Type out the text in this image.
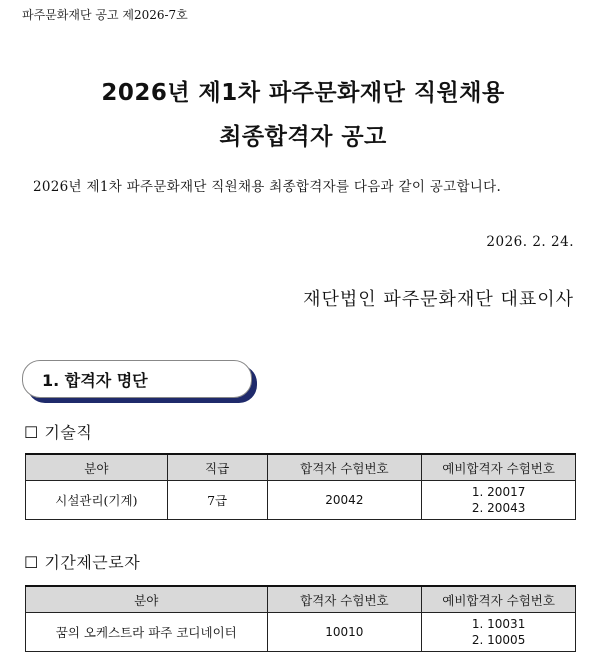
파주문화재단 공고 제2026-7호
2026년 제1차 파주문화재단 직원채용
최종합격자 공고
2026년 제1차 파주문화재단 직원채용 최종합격자를 다음과 같이 공고합니다.
2026. 2. 24.
재단법인 파주문화재단 대표이사
1. 합격자 명단
☐ 기술직
분야	직급	합격자 수험번호	예비합격자 수험번호
시설관리(기계)	7급	20042	1. 20017
2. 20043
☐ 기간제근로자
분야	합격자 수험번호	예비합격자 수험번호
꿈의 오케스트라 파주 코디네이터	10010	1. 10031
2. 10005
